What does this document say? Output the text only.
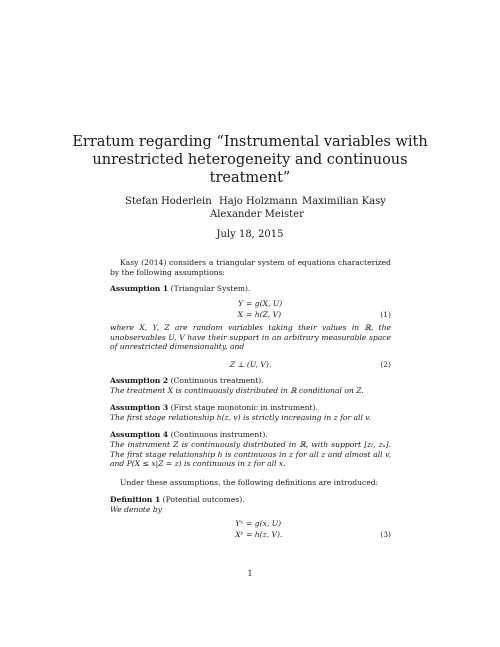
Erratum regarding “Instrumental variables with
unrestricted heterogeneity and continuous
treatment”
Stefan Hoderlein Hajo Holzmann Maximilian Kasy
Alexander Meister
July 18, 2015
Kasy (2014) considers a triangular system of equations characterized by the following assumptions:
Assumption 1 (Triangular System).
Y = g(X, U)
X = h(Z, V)	(1)
where X, Y, Z are random variables taking their values in ℝ, the unobservables U, V have their support in an arbitrary measurable space of unrestricted dimensionality, and
Z ⊥ (U, V).	(2)
Assumption 2 (Continuous treatment).
The treatment X is continuously distributed in ℝ conditional on Z.
Assumption 3 (First stage monotonic in instrument).
The first stage relationship h(z, v) is strictly increasing in z for all v.
Assumption 4 (Continuous instrument).
The instrument Z is continuously distributed in ℝ, with support [zₗ, zᵤ]. The first stage relationship h is continuous in z for all z and almost all v, and P(X ≤ x|Z = z) is continuous in z for all x.
Under these assumptions, the following definitions are introduced:
Definition 1 (Potential outcomes).
We denote by
Yˣ = g(x, U)
Xᶻ = h(z, V).	(3)
1
